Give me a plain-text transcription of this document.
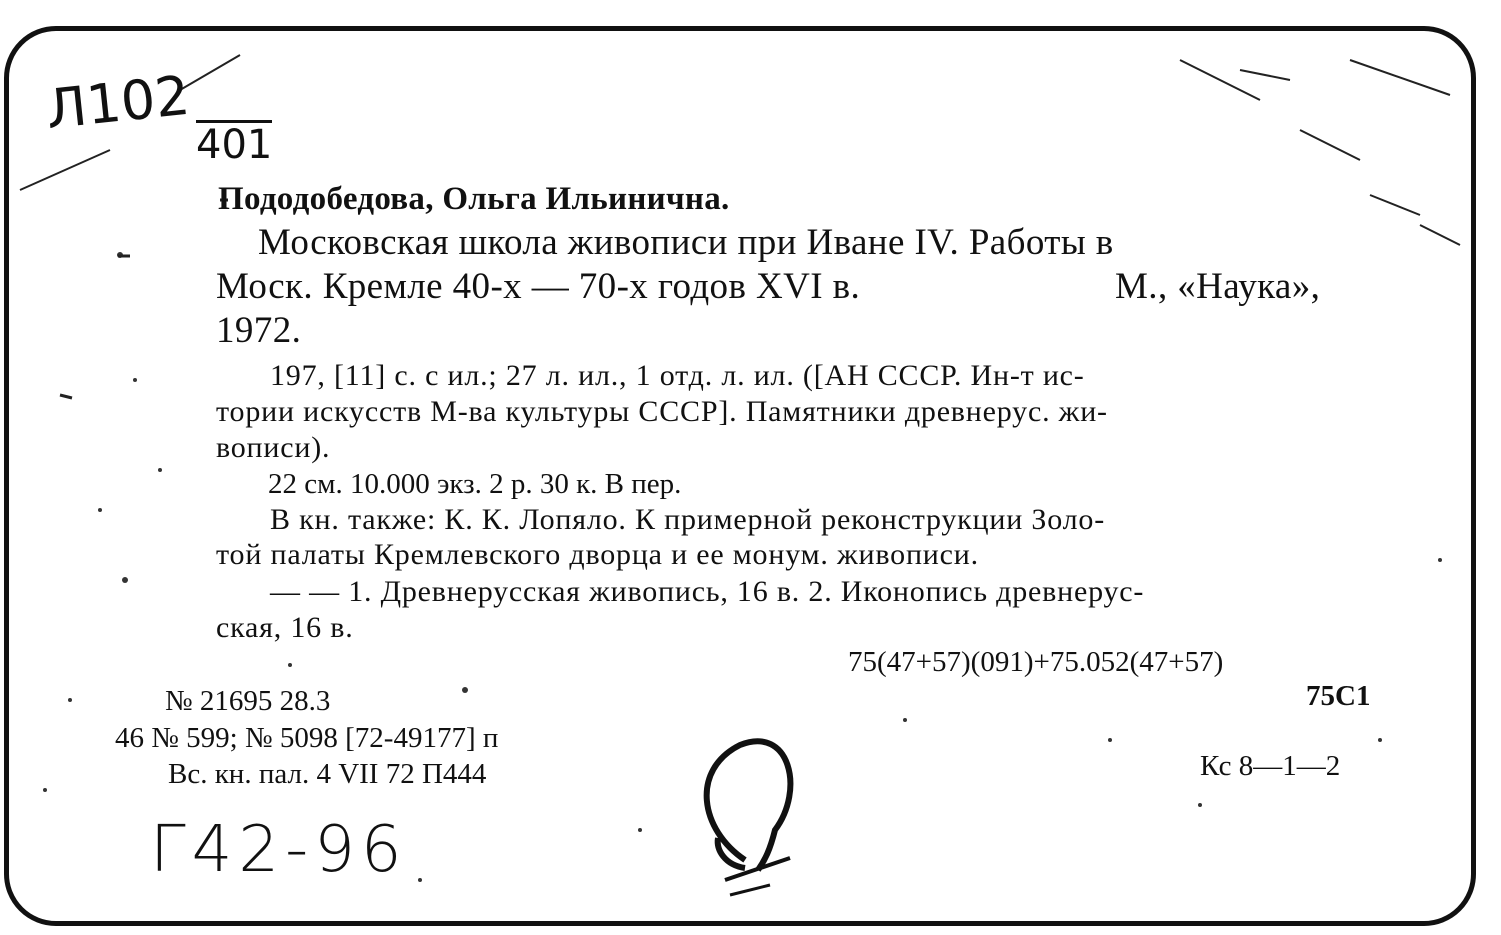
Л102
401
Г42-96
Пододобедова, Ольга Ильинична.
Московская школа живописи при Иване IV. Работы в
Моск. Кремле 40-х — 70-х годов XVI в.	М., «Наука»,
1972.
197, [11] с. с ил.; 27 л. ил., 1 отд. л. ил. ([АН СССР. Ин-т ис-
тории искусств М-ва культуры СССР]. Памятники древнерус. жи-
вописи).
22 см. 10.000 экз. 2 р. 30 к. В пер.
В кн. также: К. К. Лопяло. К примерной реконструкции Золо-
той палаты Кремлевского дворца и ее монум. живописи.
— — 1. Древнерусская живопись, 16 в. 2. Иконопись древнерус-
ская, 16 в.
75(47+57)(091)+75.052(47+57)
75С1
Кс 8—1—2
№ 21695 28.3
46 № 599; № 5098 [72-49177] п
Вс. кн. пал. 4 VII 72 П444
